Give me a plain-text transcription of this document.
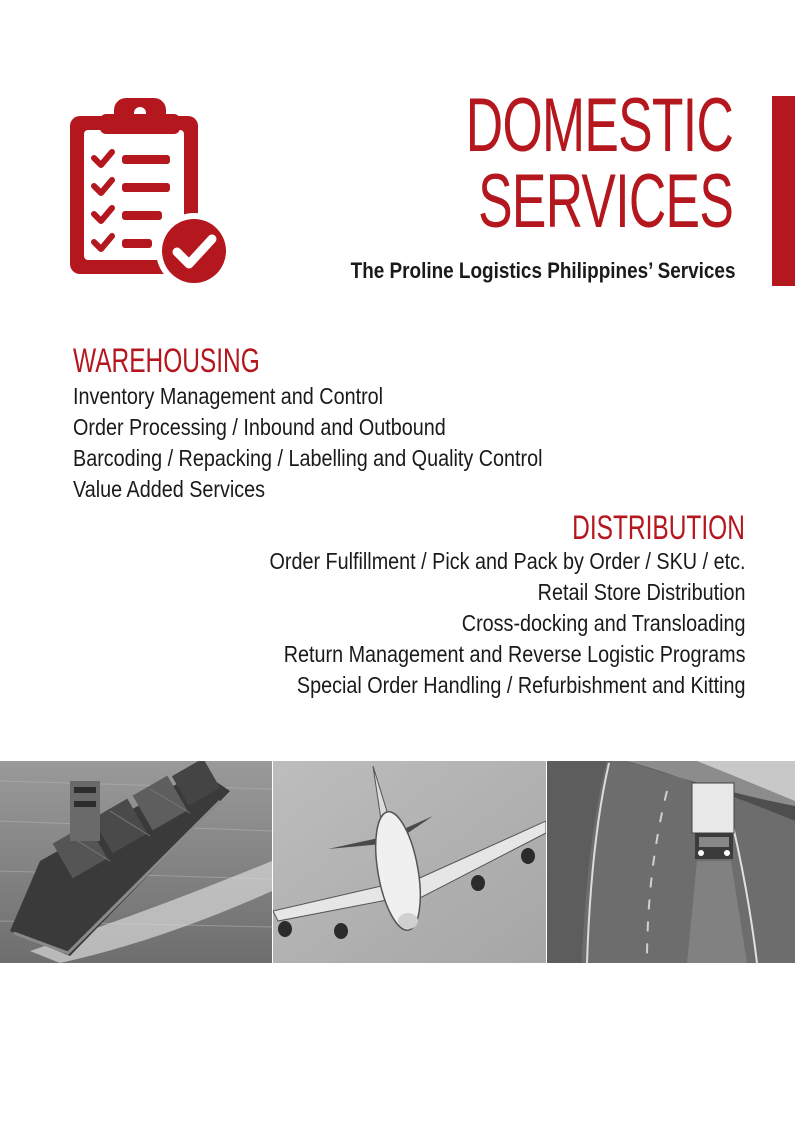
DOMESTIC
SERVICES

The Proline Logistics Philippines’ Services

WAREHOUSING
Inventory Management and Control
Order Processing / Inbound and Outbound
Barcoding / Repacking / Labelling and Quality Control
Value Added Services
DISTRIBUTION
Order Fulfillment / Pick and Pack by Order / SKU / etc.
Retail Store Distribution
Cross-docking and Transloading
Return Management and Reverse Logistic Programs
Special Order Handling / Refurbishment and Kitting
